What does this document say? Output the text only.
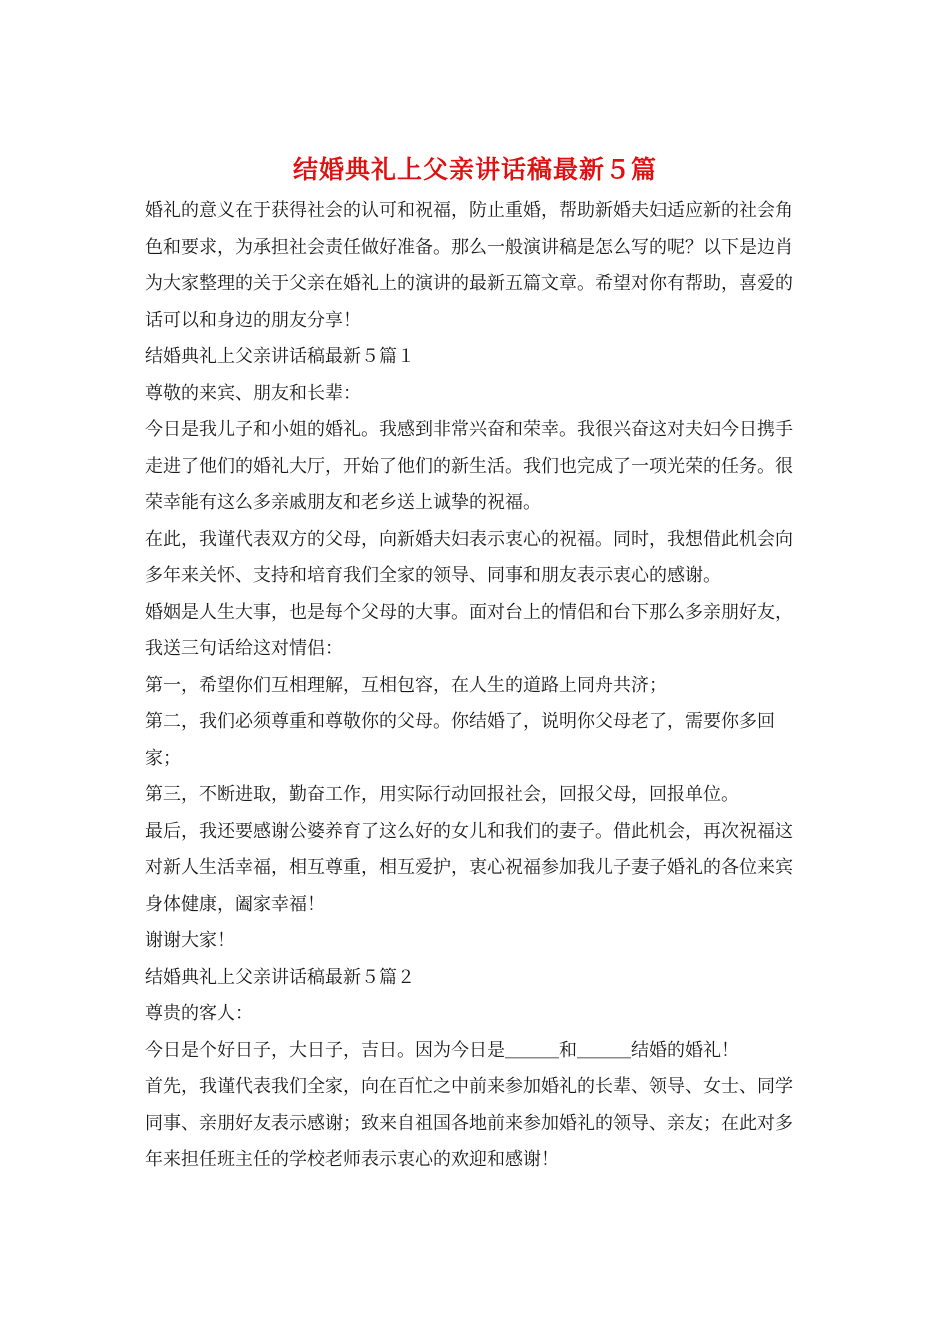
结婚典礼上父亲讲话稿最新５篇

婚礼的意义在于获得社会的认可和祝福，防止重婚，帮助新婚夫妇适应新的社会角色和要求，为承担社会责任做好准备。那么一般演讲稿是怎么写的呢？以下是边肖为大家整理的关于父亲在婚礼上的演讲的最新五篇文章。希望对你有帮助，喜爱的话可以和身边的朋友分享！

结婚典礼上父亲讲话稿最新５篇１

尊敬的来宾、朋友和长辈：

今日是我儿子和小姐的婚礼。我感到非常兴奋和荣幸。我很兴奋这对夫妇今日携手走进了他们的婚礼大厅，开始了他们的新生活。我们也完成了一项光荣的任务。很荣幸能有这么多亲戚朋友和老乡送上诚挚的祝福。

在此，我谨代表双方的父母，向新婚夫妇表示衷心的祝福。同时，我想借此机会向多年来关怀、支持和培育我们全家的领导、同事和朋友表示衷心的感谢。

婚姻是人生大事，也是每个父母的大事。面对台上的情侣和台下那么多亲朋好友，我送三句话给这对情侣：

第一，希望你们互相理解，互相包容，在人生的道路上同舟共济；

第二，我们必须尊重和尊敬你的父母。你结婚了，说明你父母老了，需要你多回家；

第三，不断进取，勤奋工作，用实际行动回报社会，回报父母，回报单位。

最后，我还要感谢公婆养育了这么好的女儿和我们的妻子。借此机会，再次祝福这对新人生活幸福，相互尊重，相互爱护，衷心祝福参加我儿子妻子婚礼的各位来宾身体健康，阖家幸福！

谢谢大家！

结婚典礼上父亲讲话稿最新５篇２

尊贵的客人：

今日是个好日子，大日子，吉日。因为今日是＿＿＿和＿＿＿结婚的婚礼！

首先，我谨代表我们全家，向在百忙之中前来参加婚礼的长辈、领导、女士、同学同事、亲朋好友表示感谢；致来自祖国各地前来参加婚礼的领导、亲友；在此对多年来担任班主任的学校老师表示衷心的欢迎和感谢！
